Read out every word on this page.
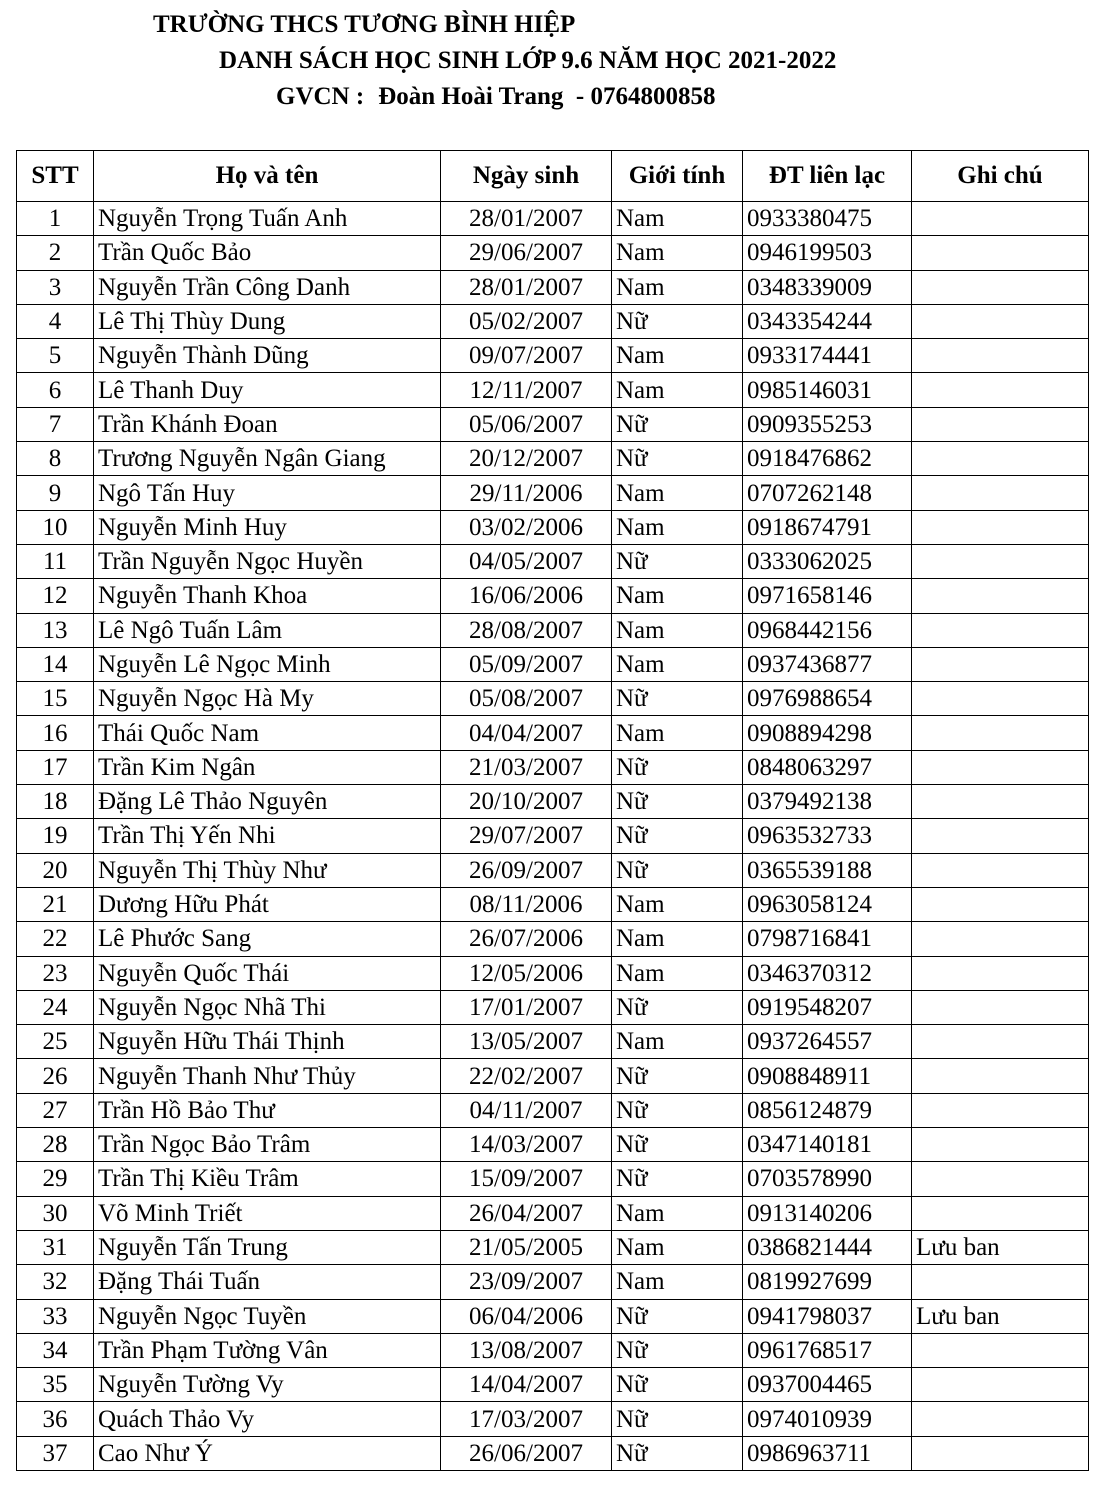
TRƯỜNG THCS TƯƠNG BÌNH HIỆP
DANH SÁCH HỌC SINH LỚP 9.6 NĂM HỌC 2021-2022
GVCN : Đoàn Hoài Trang  - 0764800858
STT	Họ và tên	Ngày sinh	Giới tính	ĐT liên lạc	Ghi chú
1	Nguyễn Trọng Tuấn Anh	28/01/2007	Nam	0933380475	
2	Trần Quốc Bảo	29/06/2007	Nam	0946199503	
3	Nguyễn Trần Công Danh	28/01/2007	Nam	0348339009	
4	Lê Thị Thùy Dung	05/02/2007	Nữ	0343354244	
5	Nguyễn Thành Dũng	09/07/2007	Nam	0933174441	
6	Lê Thanh Duy	12/11/2007	Nam	0985146031	
7	Trần Khánh Đoan	05/06/2007	Nữ	0909355253	
8	Trương Nguyễn Ngân Giang	20/12/2007	Nữ	0918476862	
9	Ngô Tấn Huy	29/11/2006	Nam	0707262148	
10	Nguyễn Minh Huy	03/02/2006	Nam	0918674791	
11	Trần Nguyễn Ngọc Huyền	04/05/2007	Nữ	0333062025	
12	Nguyễn Thanh Khoa	16/06/2006	Nam	0971658146	
13	Lê Ngô Tuấn Lâm	28/08/2007	Nam	0968442156	
14	Nguyễn Lê Ngọc Minh	05/09/2007	Nam	0937436877	
15	Nguyễn Ngọc Hà My	05/08/2007	Nữ	0976988654	
16	Thái Quốc Nam	04/04/2007	Nam	0908894298	
17	Trần Kim Ngân	21/03/2007	Nữ	0848063297	
18	Đặng Lê Thảo Nguyên	20/10/2007	Nữ	0379492138	
19	Trần Thị Yến Nhi	29/07/2007	Nữ	0963532733	
20	Nguyễn Thị Thùy Như	26/09/2007	Nữ	0365539188	
21	Dương Hữu Phát	08/11/2006	Nam	0963058124	
22	Lê Phước Sang	26/07/2006	Nam	0798716841	
23	Nguyễn Quốc Thái	12/05/2006	Nam	0346370312	
24	Nguyễn Ngọc Nhã Thi	17/01/2007	Nữ	0919548207	
25	Nguyễn Hữu Thái Thịnh	13/05/2007	Nam	0937264557	
26	Nguyễn Thanh Như Thủy	22/02/2007	Nữ	0908848911	
27	Trần Hồ Bảo Thư	04/11/2007	Nữ	0856124879	
28	Trần Ngọc Bảo Trâm	14/03/2007	Nữ	0347140181	
29	Trần Thị Kiều Trâm	15/09/2007	Nữ	0703578990	
30	Võ Minh Triết	26/04/2007	Nam	0913140206	
31	Nguyễn Tấn Trung	21/05/2005	Nam	0386821444	Lưu ban
32	Đặng Thái Tuấn	23/09/2007	Nam	0819927699	
33	Nguyễn Ngọc Tuyền	06/04/2006	Nữ	0941798037	Lưu ban
34	Trần Phạm Tường Vân	13/08/2007	Nữ	0961768517	
35	Nguyễn Tường Vy	14/04/2007	Nữ	0937004465	
36	Quách Thảo Vy	17/03/2007	Nữ	0974010939	
37	Cao Như Ý	26/06/2007	Nữ	0986963711	
